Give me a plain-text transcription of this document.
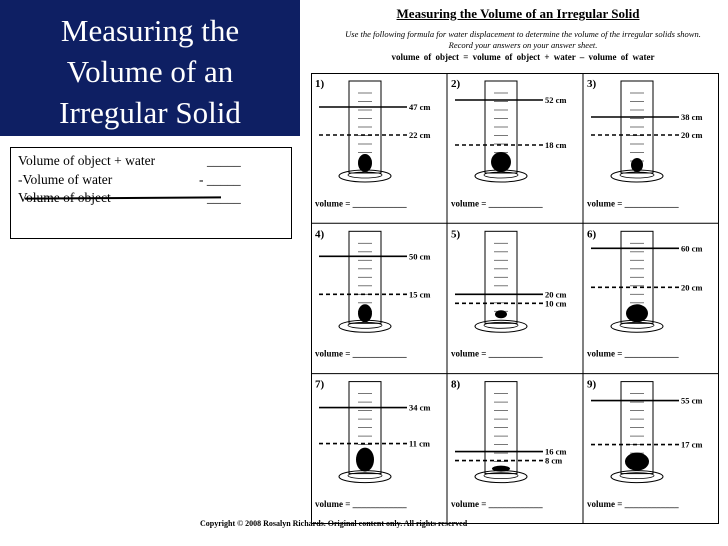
Measuring the
Volume of an
Irregular Solid
Volume of object + water	_____
-Volume of water	- _____
Volume of object	_____
Measuring the Volume of an Irregular Solid
Use the following formula for water displacement to determine the volume of the irregular solids shown.
Record your answers on your answer sheet.
volume of object = volume of object + water – volume of water
1)
47 cm
22 cm
volume = ____________
2)
52 cm
18 cm
volume = ____________
3)
38 cm
20 cm
volume = ____________
4)
50 cm
15 cm
volume = ____________
5)
20 cm
10 cm
volume = ____________
6)
60 cm
20 cm
volume = ____________
7)
34 cm
11 cm
volume = ____________
8)
16 cm
8 cm
volume = ____________
9)
55 cm
17 cm
volume = ____________
Copyright © 2008 Rosalyn Richards. Original content only. All rights reserved
